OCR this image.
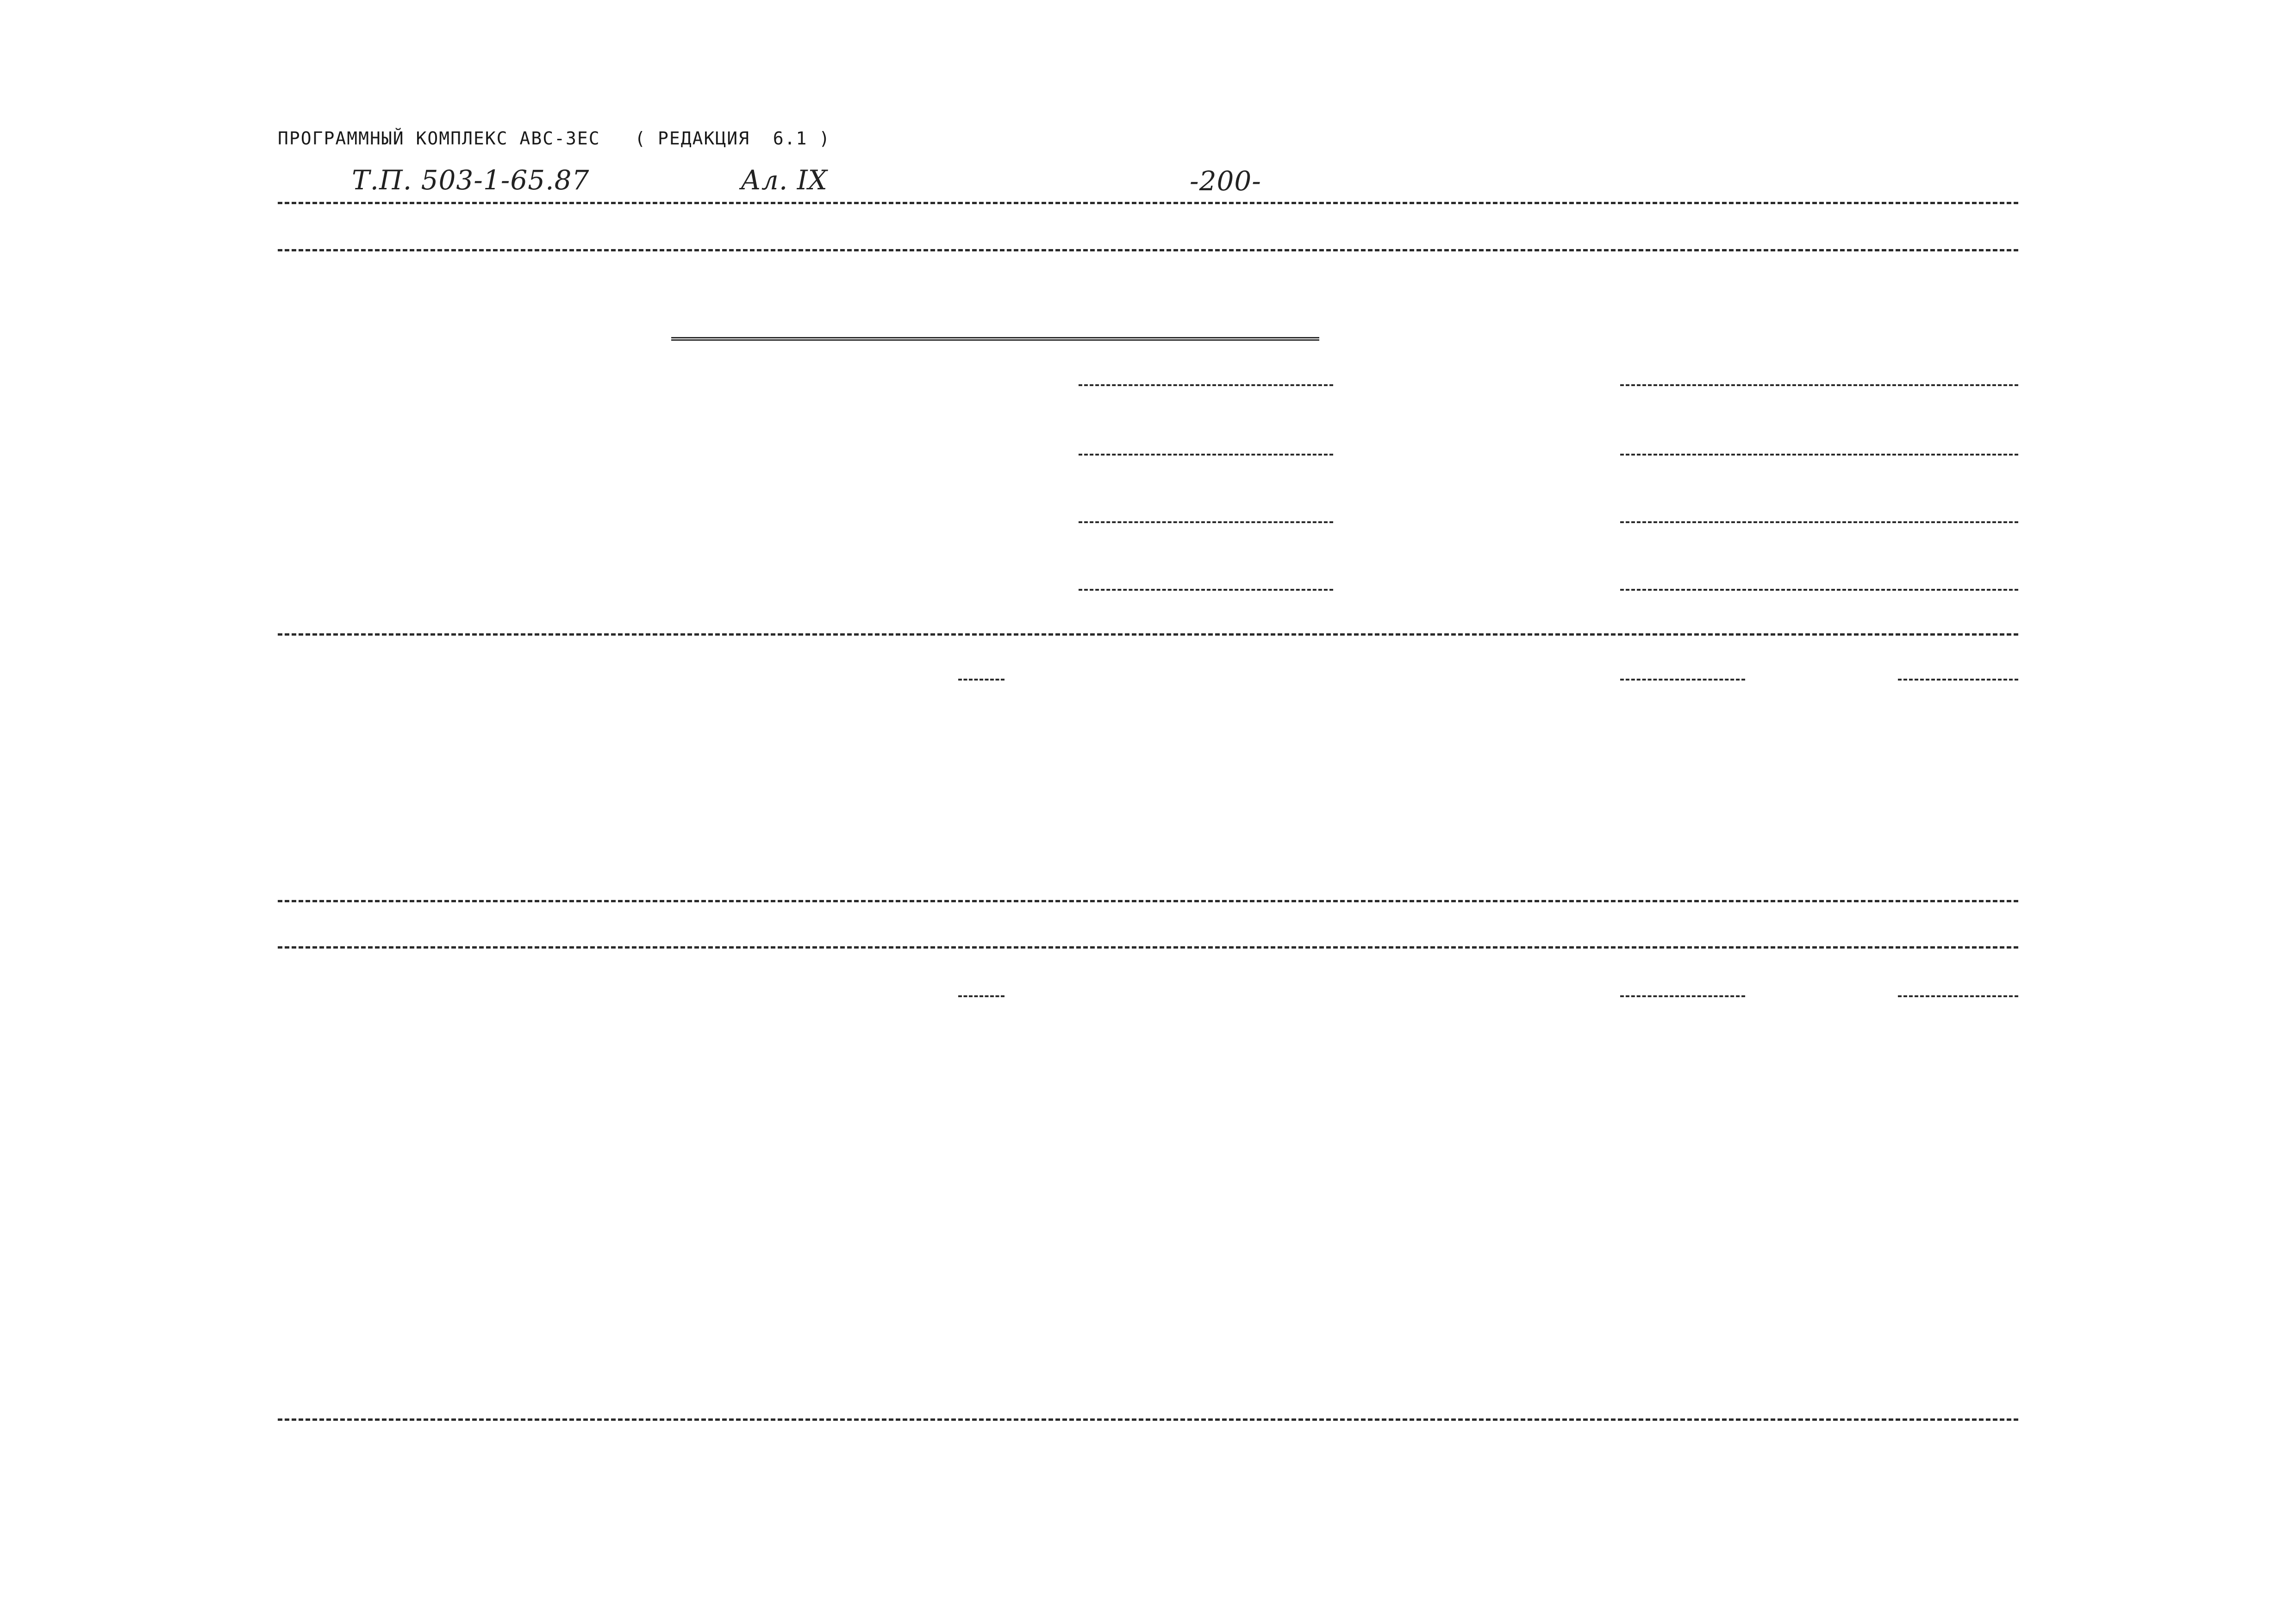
ПРОГРАММНЫЙ КОМПЛЕКС АВС-3ЕС   ( РЕДАКЦИЯ  6.1 )
Т.П. 503-1-65.87	Ал. IX	-200-
